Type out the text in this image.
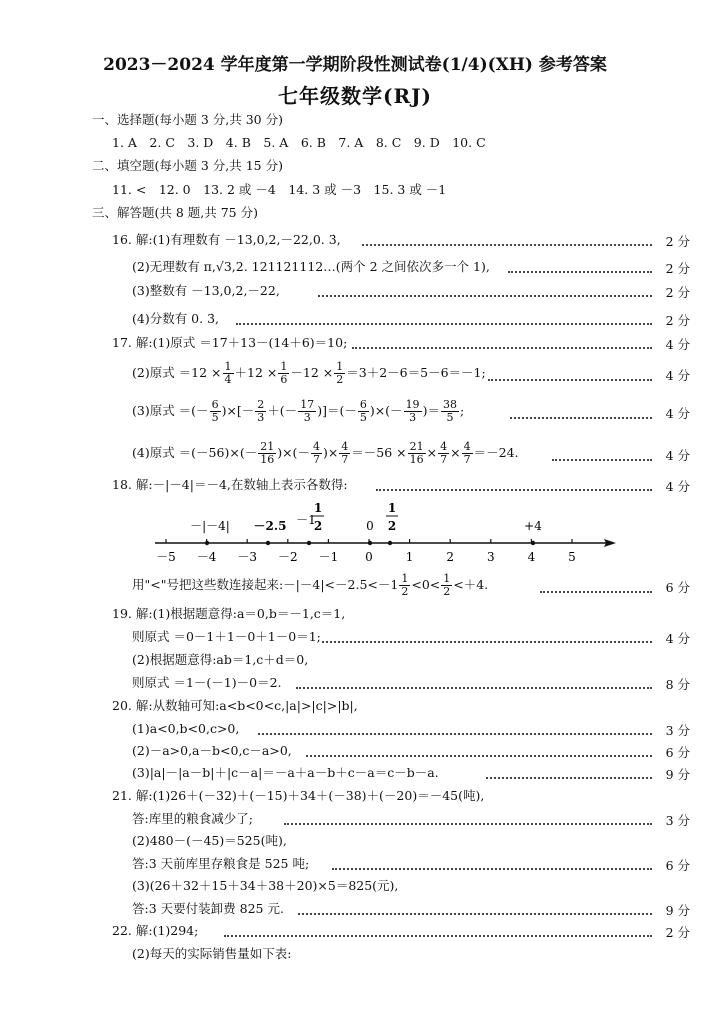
2023－2024 学年度第一学期阶段性测试卷(1/4)(XH) 参考答案
七年级数学(RJ)
一、选择题(每小题 3 分,共 30 分)
1. A　2. C　3. D　4. B　5. A　6. B　7. A　8. C　9. D　10. C
二、填空题(每小题 3 分,共 15 分)
11. <　12. 0　13. 2 或 －4　14. 3 或 －3　15. 3 或 －1
三、解答题(共 8 题,共 75 分)
16. 解:(1)有理数有 －13,0,2,－22,0. 3̇,	2 分
(2)无理数有 π,√3,2. 121121112…(两个 2 之间依次多一个 1),	2 分
(3)整数有 －13,0,2,－22,	2 分
(4)分数有 0. 3̇,	2 分
17. 解:(1)原式 ＝17＋13－(14＋6)＝10;	4 分
(2)原式 $=12 \times \frac{1}{4} +12 \times \frac{1}{6} -12 \times \frac{1}{2} =3+2-6=5-6=-1$;	4 分
(3)原式 ＝(－ $\frac{6}{5}$ )×[－ $\frac{2}{3}$ ＋(－ $\frac{17}{3}$ )]＝(－ $\frac{6}{5}$ )×(－ $\frac{19}{3}$ )＝ $\frac{38}{5}$ ;	4 分
(4)原式 $=(-56)\times(- \frac{21}{16}$ )×(－ $\frac{4}{7}$ )× $\frac{4}{7} =-56 \times \frac{21}{16} \times \frac{4}{7} \times \frac{4}{7} =-24$.	4 分
18. 解:－|－4|＝－4,在数轴上表示各数得:	4 分
－5 －4 －3 －2 －1 0	1	2	3	4	5
－|－4| －2.5 －1
1
2	0
1
2	+4
用"<"号把这些数连接起来:－|－4|<－2.5<－1 $\frac{1}{2} <0< \frac{1}{2} <+4$.	6 分
19. 解:(1)根据题意得:a＝0,b＝－1,c＝1,
则原式 ＝0－1＋1－0＋1－0＝1;	4 分
(2)根据题意得:ab＝1,c＋d＝0,
则原式 ＝1－(－1)－0＝2.	8 分
20. 解:从数轴可知:a<b<0<c,|a|>|c|>|b|,
(1)a<0,b<0,c>0,	3 分
(2)－a>0,a－b<0,c－a>0,	6 分
(3)|a|－|a－b|＋|c－a|＝－a＋a－b＋c－a＝c－b－a.	9 分
21. 解:(1)26＋(－32)＋(－15)＋34＋(－38)＋(－20)＝－45(吨),
答:库里的粮食减少了;	3 分
(2)480－(－45)＝525(吨),
答:3 天前库里存粮食是 525 吨;	6 分
(3)(26＋32＋15＋34＋38＋20)×5＝825(元),
答:3 天要付装卸费 825 元.	9 分
22. 解:(1)294;	2 分
(2)每天的实际销售量如下表:
